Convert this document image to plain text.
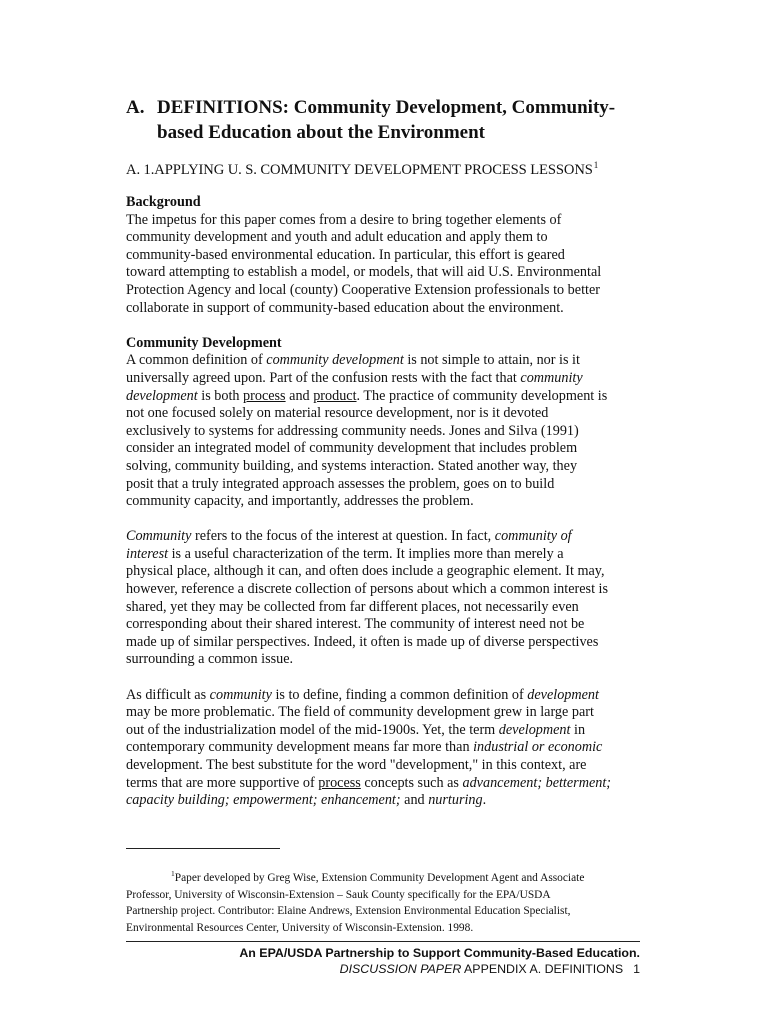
A. DEFINITIONS: Community Development, Community-
based Education about the Environment
A. 1.APPLYING U. S. COMMUNITY DEVELOPMENT PROCESS LESSONS$^1$
Background
The impetus for this paper comes from a desire to bring together elements of
community development and youth and adult education and apply them to
community-based environmental education. In particular, this effort is geared
toward attempting to establish a model, or models, that will aid U.S. Environmental
Protection Agency and local (county) Cooperative Extension professionals to better
collaborate in support of community-based education about the environment.
Community Development
A common definition of community development is not simple to attain, nor is it
universally agreed upon. Part of the confusion rests with the fact that community
development is both process and product. The practice of community development is
not one focused solely on material resource development, nor is it devoted
exclusively to systems for addressing community needs. Jones and Silva (1991)
consider an integrated model of community development that includes problem
solving, community building, and systems interaction. Stated another way, they
posit that a truly integrated approach assesses the problem, goes on to build
community capacity, and importantly, addresses the problem.
Community refers to the focus of the interest at question. In fact, community of
interest is a useful characterization of the term. It implies more than merely a
physical place, although it can, and often does include a geographic element. It may,
however, reference a discrete collection of persons about which a common interest is
shared, yet they may be collected from far different places, not necessarily even
corresponding about their shared interest. The community of interest need not be
made up of similar perspectives. Indeed, it often is made up of diverse perspectives
surrounding a common issue.
As difficult as community is to define, finding a common definition of development
may be more problematic. The field of community development grew in large part
out of the industrialization model of the mid-1900s. Yet, the term development in
contemporary community development means far more than industrial or economic
development. The best substitute for the word "development," in this context, are
terms that are more supportive of process concepts such as advancement; betterment;
capacity building; empowerment; enhancement; and nurturing.
$^1$Paper developed by Greg Wise, Extension Community Development Agent and Associate
Professor, University of Wisconsin-Extension – Sauk County specifically for the EPA/USDA
Partnership project. Contributor: Elaine Andrews, Extension Environmental Education Specialist,
Environmental Resources Center, University of Wisconsin-Extension. 1998.
An EPA/USDA Partnership to Support Community-Based Education.
DISCUSSION PAPER APPENDIX A. DEFINITIONS 1
